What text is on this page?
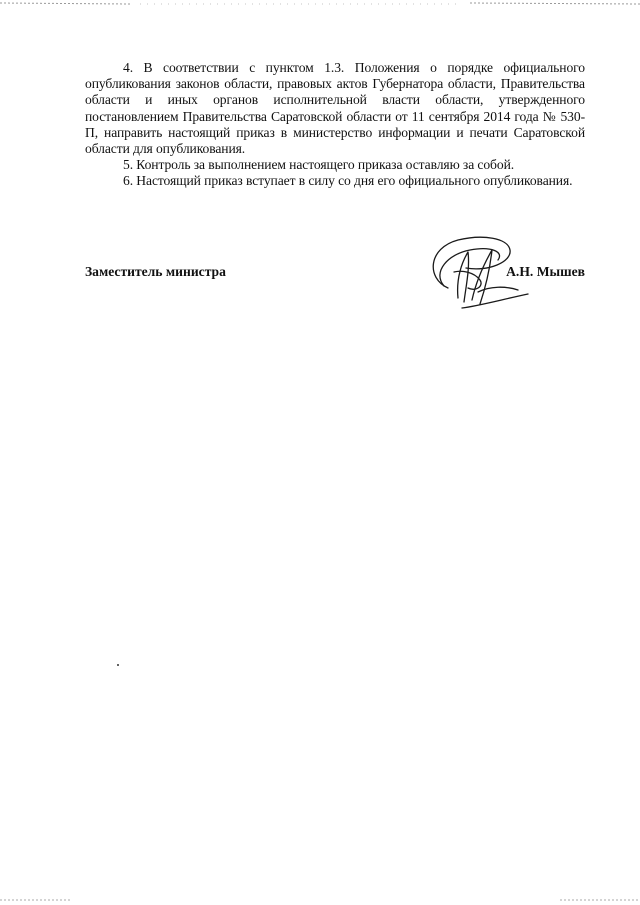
4. В соответствии с пунктом 1.3. Положения о порядке официального опубликования законов области, правовых актов Губернатора области, Правительства области и иных органов исполнительной власти области, утвержденного постановлением Правительства Саратовской области от 11 сентября 2014 года № 530-П, направить настоящий приказ в министерство информации и печати Саратовской области для опубликования.

5. Контроль за выполнением настоящего приказа оставляю за собой.

6. Настоящий приказ вступает в силу со дня его официального опубликования.

Заместитель министра	А.Н. Мышев
